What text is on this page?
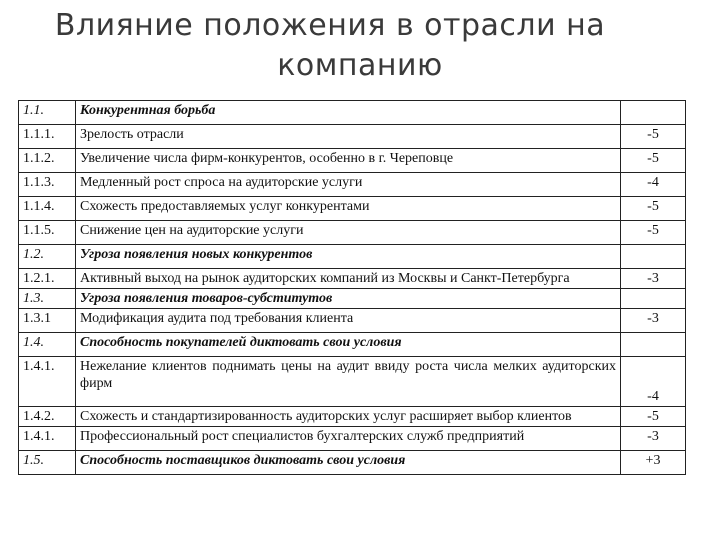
Влияние положения в отрасли на
компанию
1.1.	Конкурентная борьба	
1.1.1.	Зрелость отрасли	-5
1.1.2.	Увеличение числа фирм-конкурентов, особенно в г. Череповце	-5
1.1.3.	Медленный рост спроса на аудиторские услуги	-4
1.1.4.	Схожесть предоставляемых услуг конкурентами	-5
1.1.5.	Снижение цен на аудиторские услуги	-5
1.2.	Угроза появления новых конкурентов	
1.2.1.	Активный выход на рынок аудиторских компаний из Москвы и Санкт-Петербурга	-3
1.3.	Угроза появления товаров-субститутов	
1.3.1	Модификация аудита под требования клиента	-3
1.4.	Способность покупателей диктовать свои условия	
1.4.1.	Нежелание клиентов поднимать цены на аудит ввиду роста числа мелких аудиторских фирм	-4
1.4.2.	Схожесть и стандартизированность аудиторских услуг расширяет выбор клиентов	-5
1.4.1.	Профессиональный рост специалистов бухгалтерских служб предприятий	-3
1.5.	Способность поставщиков диктовать свои условия	+3
